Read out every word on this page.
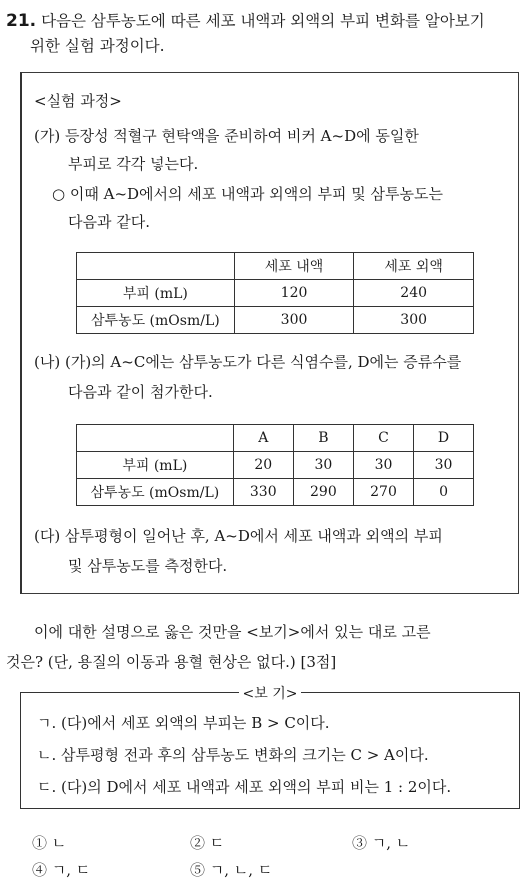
21. 다음은 삼투농도에 따른 세포 내액과 외액의 부피 변화를 알아보기
위한 실험 과정이다.
<실험 과정>
(가) 등장성 적혈구 현탁액을 준비하여 비커 A~D에 동일한
부피로 각각 넣는다.
○ 이때 A~D에서의 세포 내액과 외액의 부피 및 삼투농도는
다음과 같다.
	세포 내액	세포 외액
부피 (mL)	120	240
삼투농도 (mOsm/L)	300	300
(나) (가)의 A~C에는 삼투농도가 다른 식염수를, D에는 증류수를
다음과 같이 첨가한다.
	A	B	C	D
부피 (mL)	20	30	30	30
삼투농도 (mOsm/L)	330	290	270	0
(다) 삼투평형이 일어난 후, A~D에서 세포 내액과 외액의 부피
및 삼투농도를 측정한다.
이에 대한 설명으로 옳은 것만을 <보기>에서 있는 대로 고른
것은? (단, 용질의 이동과 용혈 현상은 없다.) [3점]
<보 기>
ㄱ. (다)에서 세포 외액의 부피는 B > C이다.
ㄴ. 삼투평형 전과 후의 삼투농도 변화의 크기는 C > A이다.
ㄷ. (다)의 D에서 세포 내액과 세포 외액의 부피 비는 1 : 2이다.
① ㄴ	② ㄷ	③ ㄱ, ㄴ
④ ㄱ, ㄷ	⑤ ㄱ, ㄴ, ㄷ
